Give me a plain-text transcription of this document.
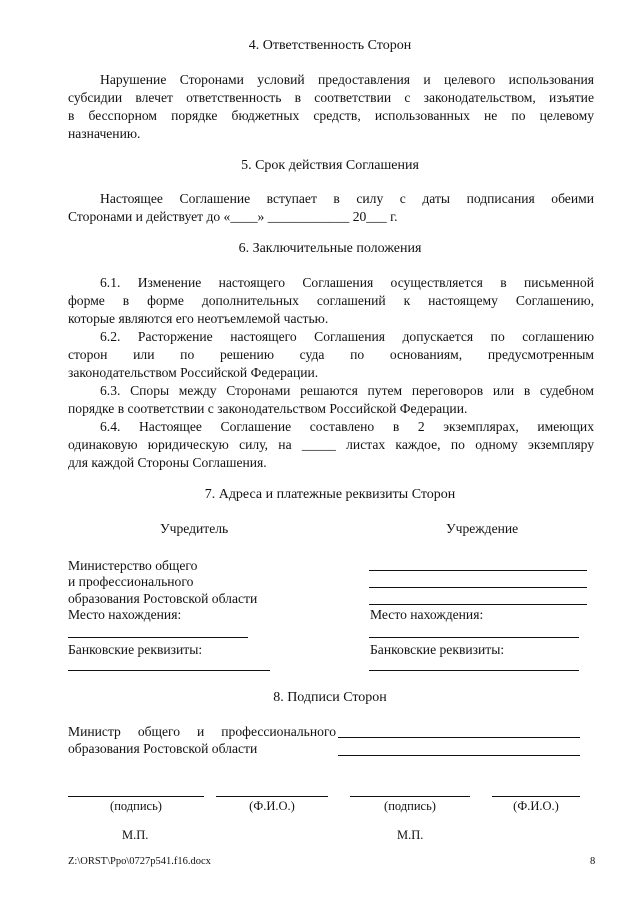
4. Ответственность Сторон
Нарушение Сторонами условий предоставления и целевого использования
субсидии влечет ответственность в соответствии с законодательством, изъятие
в бесспорном порядке бюджетных средств, использованных не по целевому
назначению.
5. Срок действия Соглашения
Настоящее Соглашение вступает в силу с даты подписания обеими
Сторонами и действует до «____» ____________ 20___ г.
6. Заключительные положения
6.1. Изменение настоящего Соглашения осуществляется в письменной
форме в форме дополнительных соглашений к настоящему Соглашению,
которые являются его неотъемлемой частью.
6.2. Расторжение настоящего Соглашения допускается по соглашению
сторон или по решению суда по основаниям, предусмотренным
законодательством Российской Федерации.
6.3. Споры между Сторонами решаются путем переговоров или в судебном
порядке в соответствии с законодательством Российской Федерации.
6.4. Настоящее Соглашение составлено в 2 экземплярах, имеющих
одинаковую юридическую силу, на _____ листах каждое, по одному экземпляру
для каждой Стороны Соглашения.
7. Адреса и платежные реквизиты Сторон
Учредитель	Учреждение
Министерство общего
и профессионального
образования Ростовской области
Место нахождения:	Место нахождения:
Банковские реквизиты:	Банковские реквизиты:
8. Подписи Сторон
Министр общего и профессионального
образования Ростовской области
(подпись)	(Ф.И.О.)	(подпись)	(Ф.И.О.)
М.П.	М.П.
Z:\ORST\Ppo\0727p541.f16.docx	8
